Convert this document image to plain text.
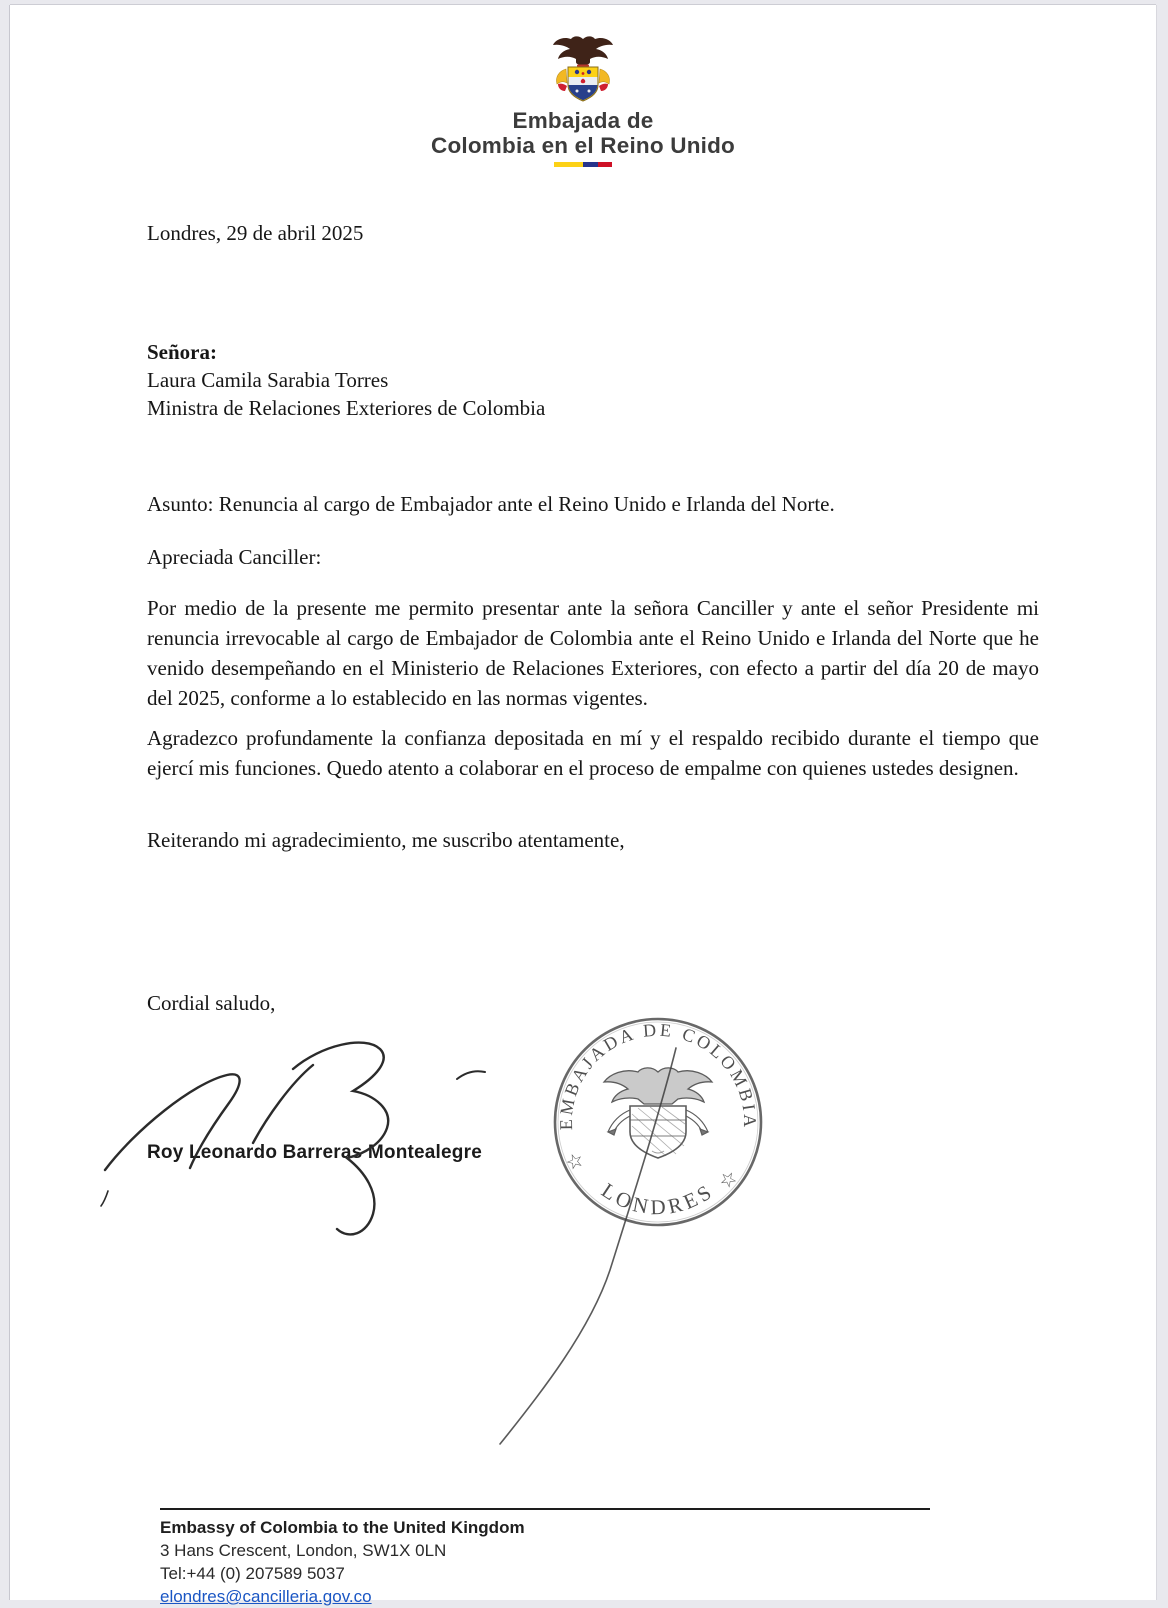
Embajada de
Colombia en el Reino Unido
Londres, 29 de abril 2025
Señora:
Laura Camila Sarabia Torres
Ministra de Relaciones Exteriores de Colombia
Asunto: Renuncia al cargo de Embajador ante el Reino Unido e Irlanda del Norte.
Apreciada Canciller:
Por medio de la presente me permito presentar ante la señora Canciller y ante el señor Presidente mi renuncia irrevocable al cargo de Embajador de Colombia ante el Reino Unido e Irlanda del Norte que he venido desempeñando en el Ministerio de Relaciones Exteriores, con efecto a partir del día 20 de mayo del 2025, conforme a lo establecido en las normas vigentes.
Agradezco profundamente la confianza depositada en mí y el respaldo recibido durante el tiempo que ejercí mis funciones. Quedo atento a colaborar en el proceso de empalme con quienes ustedes designen.
Reiterando mi agradecimiento, me suscribo atentamente,
Cordial saludo,
Roy Leonardo Barreras Montealegre
EMBAJADA DE COLOMBIA
LONDRES
☆
☆
Embassy of Colombia to the United Kingdom
3 Hans Crescent, London, SW1X 0LN
Tel:+44 (0) 207589 5037
elondres@cancilleria.gov.co
